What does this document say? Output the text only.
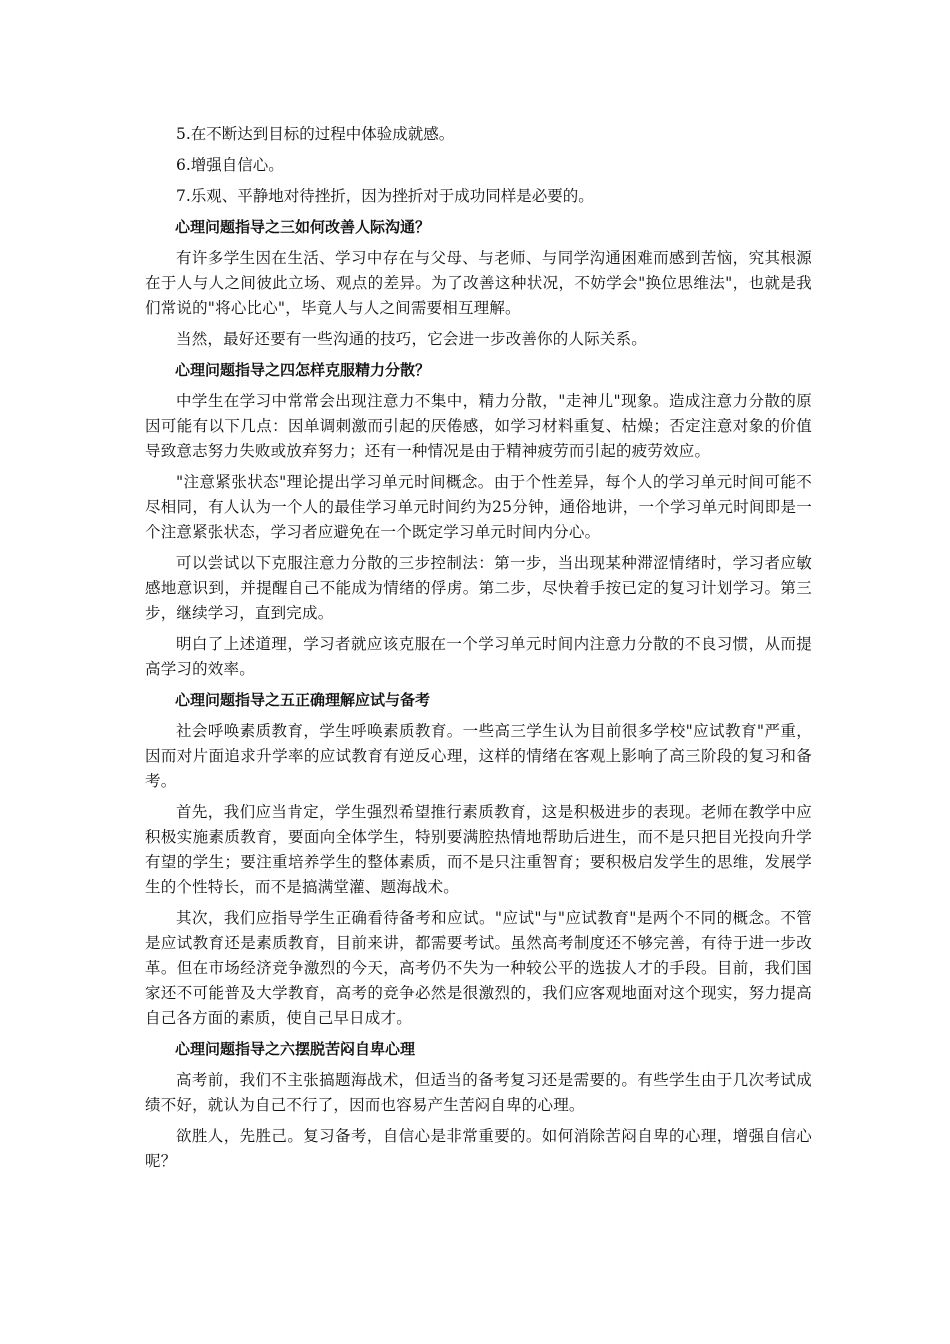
5.在不断达到目标的过程中体验成就感。
6.增强自信心。
7.乐观、平静地对待挫折，因为挫折对于成功同样是必要的。
心理问题指导之三如何改善人际沟通？
有许多学生因在生活、学习中存在与父母、与老师、与同学沟通困难而感到苦恼，究其根源在于人与人之间彼此立场、观点的差异。为了改善这种状况，不妨学会"换位思维法"，也就是我们常说的"将心比心"，毕竟人与人之间需要相互理解。
当然，最好还要有一些沟通的技巧，它会进一步改善你的人际关系。
心理问题指导之四怎样克服精力分散？
中学生在学习中常常会出现注意力不集中，精力分散，"走神儿"现象。造成注意力分散的原因可能有以下几点：因单调刺激而引起的厌倦感，如学习材料重复、枯燥；否定注意对象的价值导致意志努力失败或放弃努力；还有一种情况是由于精神疲劳而引起的疲劳效应。
"注意紧张状态"理论提出学习单元时间概念。由于个性差异，每个人的学习单元时间可能不尽相同，有人认为一个人的最佳学习单元时间约为25分钟，通俗地讲，一个学习单元时间即是一个注意紧张状态，学习者应避免在一个既定学习单元时间内分心。
可以尝试以下克服注意力分散的三步控制法：第一步，当出现某种滞涩情绪时，学习者应敏感地意识到，并提醒自己不能成为情绪的俘虏。第二步，尽快着手按已定的复习计划学习。第三步，继续学习，直到完成。
明白了上述道理，学习者就应该克服在一个学习单元时间内注意力分散的不良习惯，从而提高学习的效率。
心理问题指导之五正确理解应试与备考
社会呼唤素质教育，学生呼唤素质教育。一些高三学生认为目前很多学校"应试教育"严重，因而对片面追求升学率的应试教育有逆反心理，这样的情绪在客观上影响了高三阶段的复习和备考。
首先，我们应当肯定，学生强烈希望推行素质教育，这是积极进步的表现。老师在教学中应积极实施素质教育，要面向全体学生，特别要满腔热情地帮助后进生，而不是只把目光投向升学有望的学生；要注重培养学生的整体素质，而不是只注重智育；要积极启发学生的思维，发展学生的个性特长，而不是搞满堂灌、题海战术。
其次，我们应指导学生正确看待备考和应试。"应试"与"应试教育"是两个不同的概念。不管是应试教育还是素质教育，目前来讲，都需要考试。虽然高考制度还不够完善，有待于进一步改革。但在市场经济竞争激烈的今天，高考仍不失为一种较公平的选拔人才的手段。目前，我们国家还不可能普及大学教育，高考的竞争必然是很激烈的，我们应客观地面对这个现实，努力提高自己各方面的素质，使自己早日成才。
心理问题指导之六摆脱苦闷自卑心理
高考前，我们不主张搞题海战术，但适当的备考复习还是需要的。有些学生由于几次考试成绩不好，就认为自己不行了，因而也容易产生苦闷自卑的心理。
欲胜人，先胜己。复习备考，自信心是非常重要的。如何消除苦闷自卑的心理，增强自信心呢？
